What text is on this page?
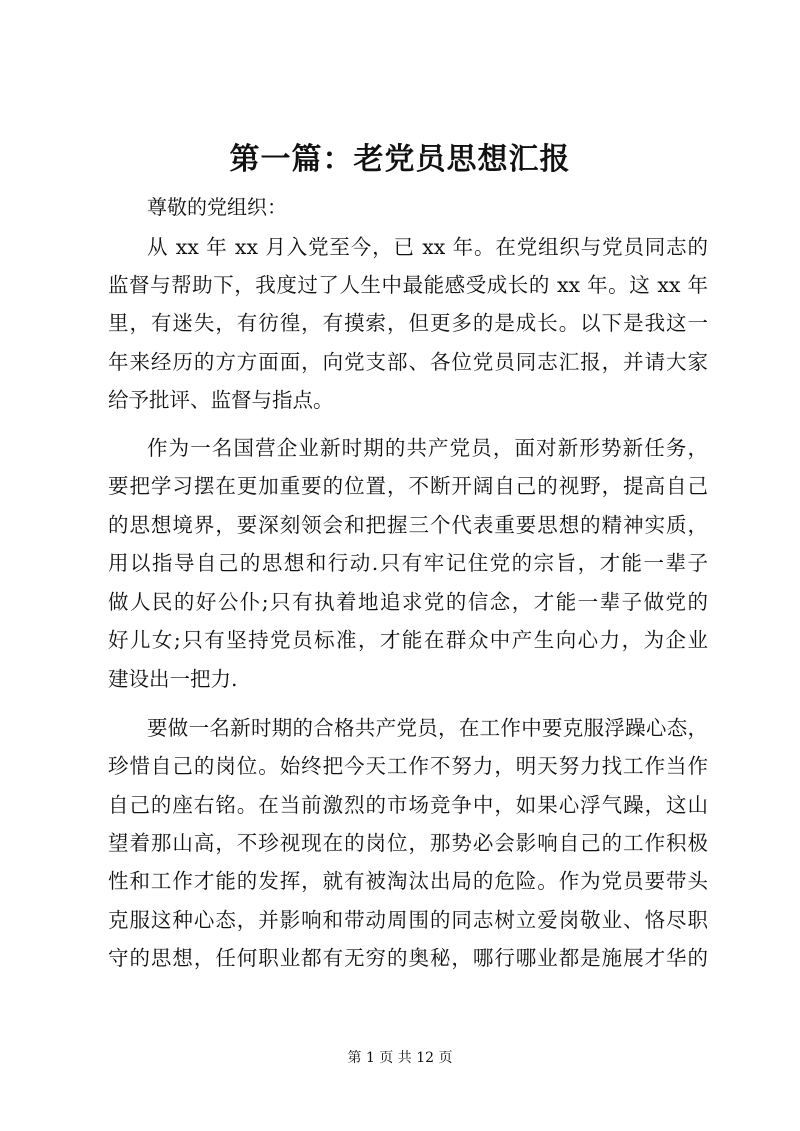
第一篇：老党员思想汇报

尊敬的党组织：

从 xx 年 xx 月入党至今，已 xx 年。在党组织与党员同志的

监督与帮助下，我度过了人生中最能感受成长的 xx 年。这 xx 年

里，有迷失，有彷徨，有摸索，但更多的是成长。以下是我这一

年来经历的方方面面，向党支部、各位党员同志汇报，并请大家

给予批评、监督与指点。

作为一名国营企业新时期的共产党员，面对新形势新任务，

要把学习摆在更加重要的位置，不断开阔自己的视野，提高自己

的思想境界，要深刻领会和把握三个代表重要思想的精神实质，

用以指导自己的思想和行动.只有牢记住党的宗旨，才能一辈子

做人民的好公仆;只有执着地追求党的信念，才能一辈子做党的

好儿女;只有坚持党员标准，才能在群众中产生向心力，为企业

建设出一把力.

要做一名新时期的合格共产党员，在工作中要克服浮躁心态，

珍惜自己的岗位。始终把今天工作不努力，明天努力找工作当作

自己的座右铭。在当前激烈的市场竞争中，如果心浮气躁，这山

望着那山高，不珍视现在的岗位，那势必会影响自己的工作积极

性和工作才能的发挥，就有被淘汰出局的危险。作为党员要带头

克服这种心态，并影响和带动周围的同志树立爱岗敬业、恪尽职

守的思想，任何职业都有无穷的奥秘，哪行哪业都是施展才华的

第 1 页 共 12 页
